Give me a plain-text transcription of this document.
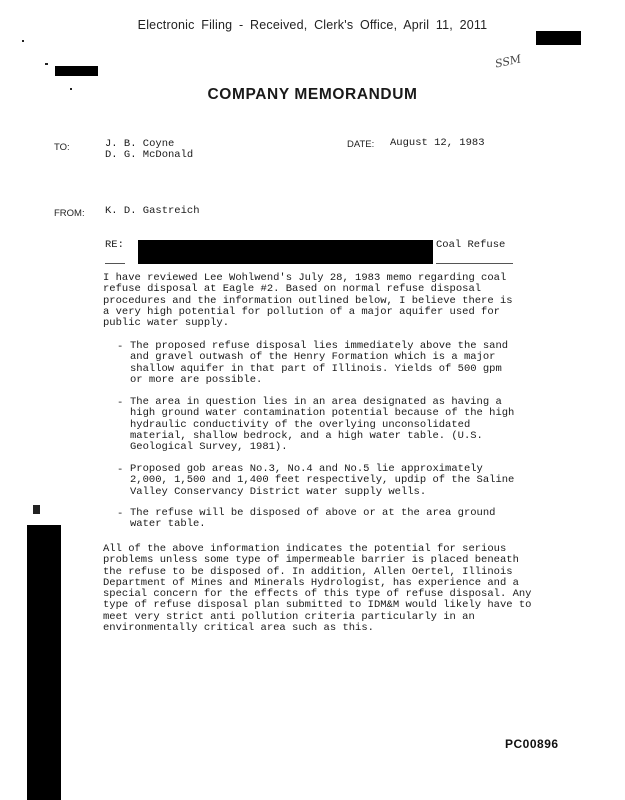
Electronic Filing - Received, Clerk's Office, April 11, 2011
SSM
COMPANY MEMORANDUM
TO:	J. B. Coyne
D. G. McDonald
DATE: August 12, 1983
FROM: K. D. Gastreich
RE:	Coal Refuse
I have reviewed Lee Wohlwend's July 28, 1983 memo regarding coal refuse disposal at Eagle #2. Based on normal refuse disposal procedures and the information outlined below, I believe there is a very high potential for pollution of a major aquifer used for public water supply.
- The proposed refuse disposal lies immediately above the sand and gravel outwash of the Henry Formation which is a major shallow aquifer in that part of Illinois. Yields of 500 gpm or more are possible.
- The area in question lies in an area designated as having a high ground water contamination potential because of the high hydraulic conductivity of the overlying unconsolidated material, shallow bedrock, and a high water table. (U.S. Geological Survey, 1981).
- Proposed gob areas No.3, No.4 and No.5 lie approximately 2,000, 1,500 and 1,400 feet respectively, updip of the Saline Valley Conservancy District water supply wells.
- The refuse will be disposed of above or at the area ground water table.
All of the above information indicates the potential for serious problems unless some type of impermeable barrier is placed beneath the refuse to be disposed of. In addition, Allen Oertel, Illinois Department of Mines and Minerals Hydrologist, has experience and a special concern for the effects of this type of refuse disposal. Any type of refuse disposal plan submitted to IDM&M would likely have to meet very strict anti pollution criteria particularly in an environmentally critical area such as this.
PC00896
